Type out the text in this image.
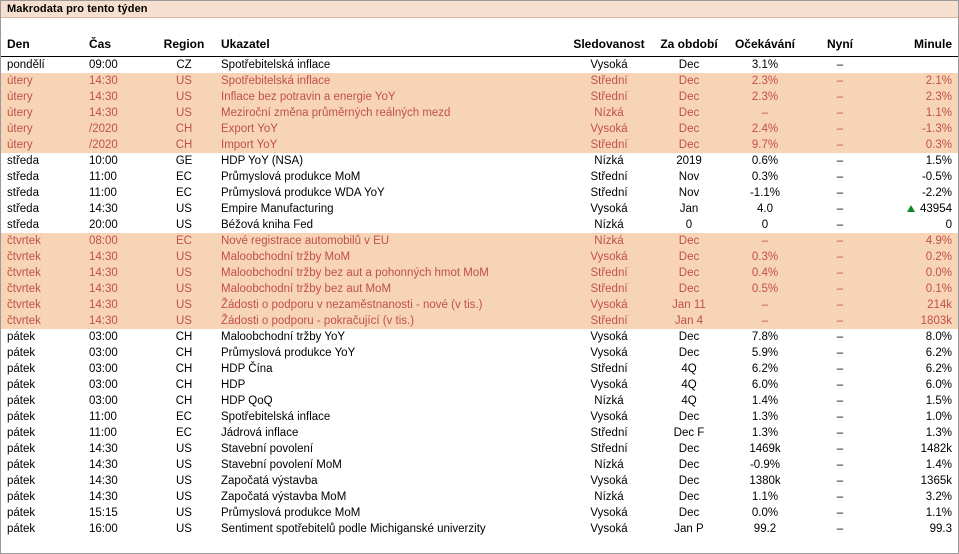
Makrodata pro tento týden
Den	Čas	Region	Ukazatel	Sledovanost	Za období	Očekávání	Nyní	Minule
pondělí	09:00	CZ	Spotřebitelská inflace	Vysoká	Dec	3.1%	–	

útery	14:30	US	Spotřebitelská inflace	Střední	Dec	2.3%	–	2.1%

útery	14:30	US	Inflace bez potravin a energie YoY	Střední	Dec	2.3%	–	2.3%

útery	14:30	US	Meziroční změna průměrných reálných mezd	Nízká	Dec	–	–	1.1%

útery	/2020	CH	Export YoY	Vysoká	Dec	2.4%	–	-1.3%

útery	/2020	CH	Import YoY	Střední	Dec	9.7%	–	0.3%

středa	10:00	GE	HDP YoY (NSA)	Nízká	2019	0.6%	–	1.5%

středa	11:00	EC	Průmyslová produkce MoM	Střední	Nov	0.3%	–	-0.5%

středa	11:00	EC	Průmyslová produkce WDA YoY	Střední	Nov	-1.1%	–	-2.2%

středa	14:30	US	Empire Manufacturing	Vysoká	Jan	4.0	–	43954

středa	20:00	US	Béžová kniha Fed	Nízká	0	0	–	0

čtvrtek	08:00	EC	Nové registrace automobilů v EU	Nízká	Dec	–	–	4.9%

čtvrtek	14:30	US	Maloobchodní tržby MoM	Vysoká	Dec	0.3%	–	0.2%

čtvrtek	14:30	US	Maloobchodní tržby bez aut a pohonných hmot MoM	Střední	Dec	0.4%	–	0.0%

čtvrtek	14:30	US	Maloobchodní tržby bez aut MoM	Střední	Dec	0.5%	–	0.1%

čtvrtek	14:30	US	Žádosti o podporu v nezaměstnanosti - nové (v tis.)	Vysoká	Jan 11	–	–	214k

čtvrtek	14:30	US	Žádosti o podporu - pokračující (v tis.)	Střední	Jan 4	–	–	1803k

pátek	03:00	CH	Maloobchodní tržby YoY	Vysoká	Dec	7.8%	–	8.0%

pátek	03:00	CH	Průmyslová produkce YoY	Vysoká	Dec	5.9%	–	6.2%

pátek	03:00	CH	HDP Čína	Střední	4Q	6.2%	–	6.2%

pátek	03:00	CH	HDP	Vysoká	4Q	6.0%	–	6.0%

pátek	03:00	CH	HDP QoQ	Nízká	4Q	1.4%	–	1.5%

pátek	11:00	EC	Spotřebitelská inflace	Vysoká	Dec	1.3%	–	1.0%

pátek	11:00	EC	Jádrová inflace	Střední	Dec F	1.3%	–	1.3%

pátek	14:30	US	Stavební povolení	Střední	Dec	1469k	–	1482k

pátek	14:30	US	Stavební povolení MoM	Nízká	Dec	-0.9%	–	1.4%

pátek	14:30	US	Započatá výstavba	Vysoká	Dec	1380k	–	1365k

pátek	14:30	US	Započatá výstavba MoM	Nízká	Dec	1.1%	–	3.2%

pátek	15:15	US	Průmyslová produkce MoM	Vysoká	Dec	0.0%	–	1.1%

pátek	16:00	US	Sentiment spotřebitelů podle Michiganské univerzity	Vysoká	Jan P	99.2	–	99.3
